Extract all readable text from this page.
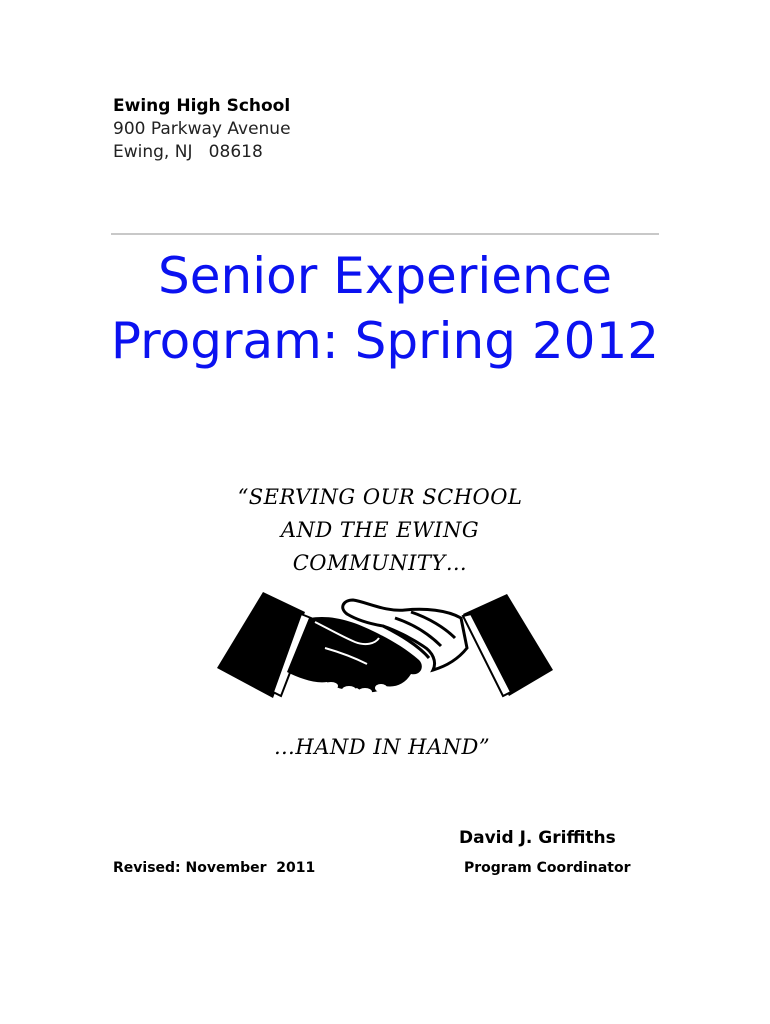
Ewing High School
900 Parkway Avenue
Ewing, NJ   08618
Senior Experience
Program: Spring 2012
“SERVING OUR SCHOOL
AND THE EWING
COMMUNITY…
…HAND IN HAND”
David J. Griffiths
Revised: November  2011	Program Coordinator
